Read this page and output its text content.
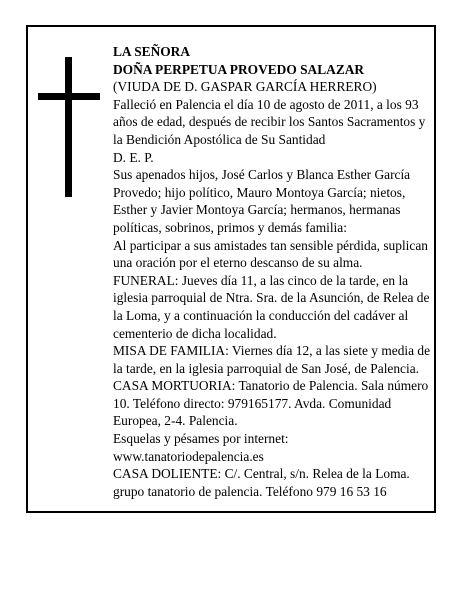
LA SEÑORA

DOÑA PERPETUA PROVEDO SALAZAR

(VIUDA DE D. GASPAR GARCÍA HERRERO)

Falleció en Palencia el día 10 de agosto de 2011, a los 93 años de edad, después de recibir los Santos Sacramentos y la Bendición Apostólica de Su Santidad

D. E. P.

Sus apenados hijos, José Carlos y Blanca Esther García Provedo; hijo político, Mauro Montoya García; nietos, Esther y Javier Montoya García; hermanos, hermanas políticas, sobrinos, primos y demás familia:

Al participar a sus amistades tan sensible pérdida, suplican una oración por el eterno descanso de su alma.

FUNERAL: Jueves día 11, a las cinco de la tarde, en la iglesia parroquial de Ntra. Sra. de la Asunción, de Relea de la Loma, y a continuación la conducción del cadáver al cementerio de dicha localidad.

MISA DE FAMILIA: Viernes día 12, a las siete y media de la tarde, en la iglesia parroquial de San José, de Palencia.

CASA MORTUORIA: Tanatorio de Palencia. Sala número 10. Teléfono directo: 979165177. Avda. Comunidad Europea, 2-4. Palencia.

Esquelas y pésames por internet:

www.tanatoriodepalencia.es

CASA DOLIENTE: C/. Central, s/n. Relea de la Loma.

grupo tanatorio de palencia. Teléfono 979 16 53 16
